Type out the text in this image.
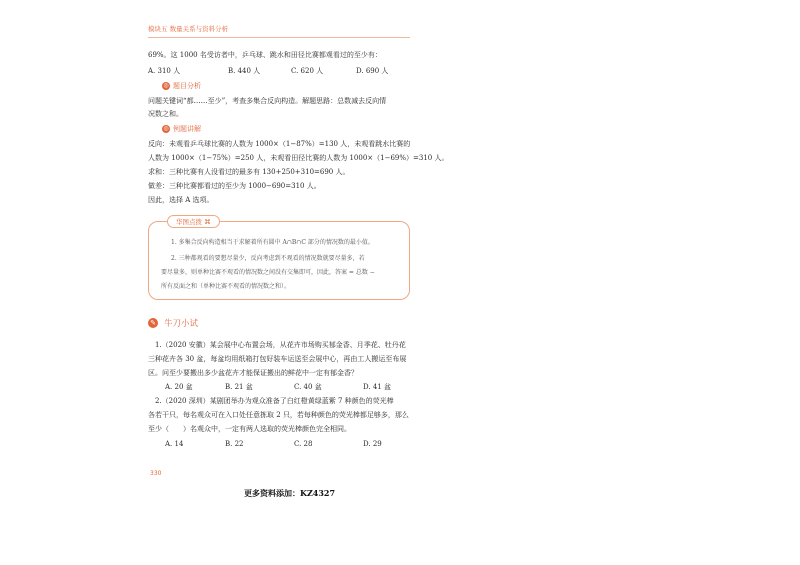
模块五 数量关系与资料分析
69%。这 1000 名受访者中，乒乓球、跳水和田径比赛都观看过的至少有：
A. 310 人	B. 440 人	C. 620 人	D. 690 人
◎ 题目分析
问题关键词“都……至少”，考查多集合反向构造。解题思路：总数减去反向情
况数之和。
◎ 例题讲解
反向：未观看乒乓球比赛的人数为 1000×（1−87%）=130 人，未观看跳水比赛的
人数为 1000×（1−75%）=250 人，未观看田径比赛的人数为 1000×（1−69%）=310 人。
求和：三种比赛有人没看过的最多有 130+250+310=690 人。
做差：三种比赛都看过的至少为 1000−690=310 人。
因此，选择 A 选项。
华图点拨 ⌘
1. 多集合反向构造相当于求解着所有圆中 A∩B∩C 部分的情况数的最小值。
2. 三种都观看的要想尽量少，反向考虑到不观看的情况数就要尽量多，若
要尽量多，则单种比赛不观看的情况数之间没有交集即可，因此，答案 = 总数 −
所有反面之和（单种比赛不观看的情况数之和）。
✎ 牛刀小试
1.（2020 安徽）某会展中心布置会场，从花卉市场购买郁金香、月季花、牡丹花
三种花卉各 30 盆，每盆均用纸箱打包好装车运送至会展中心，再由工人搬运至布展
区。问至少要搬出多少盆花卉才能保证搬出的鲜花中一定有郁金香？
A. 20 盆	B. 21 盆	C. 40 盆	D. 41 盆
2.（2020 深圳）某剧团举办为观众准备了白红橙黄绿蓝紫 7 种颜色的荧光棒
各若干只，每名观众可在入口处任意拣取 2 只，若每种颜色的荧光棒都足够多，那么
至少（　　）名观众中，一定有两人选取的荧光棒颜色完全相同。
A. 14	B. 22	C. 28	D. 29
330
更多资料添加：KZ4327
